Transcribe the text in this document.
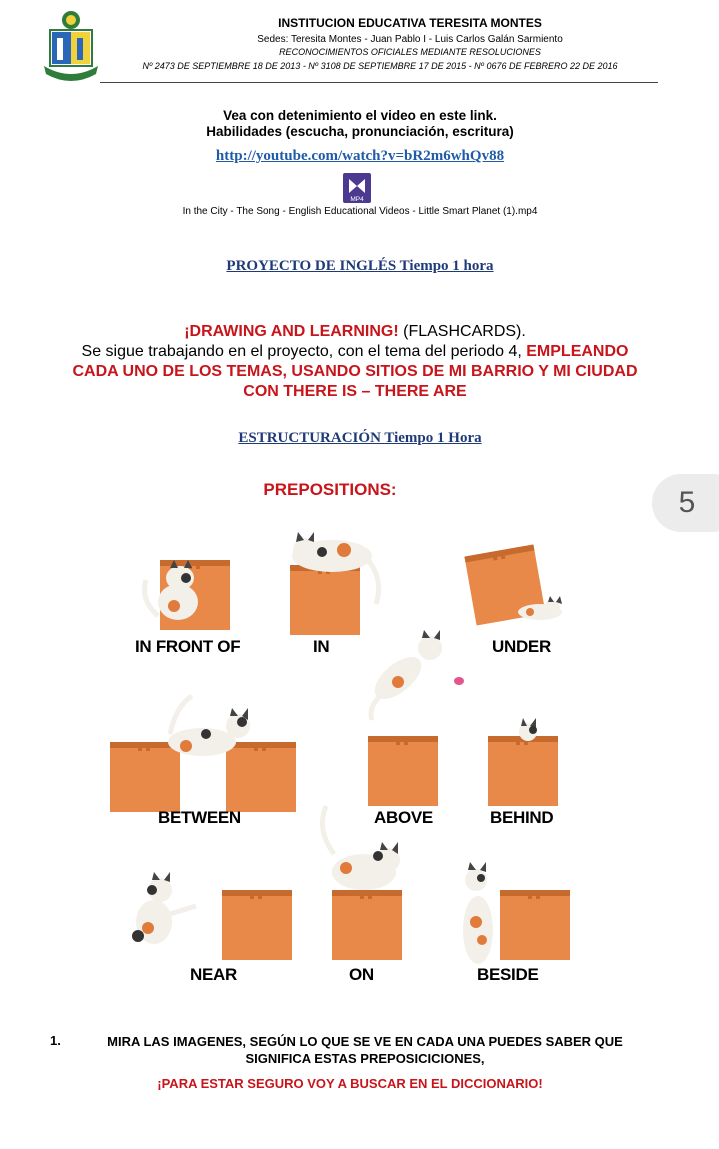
INSTITUCION EDUCATIVA TERESITA MONTES
Sedes: Teresita Montes - Juan Pablo I - Luis Carlos Galán Sarmiento
RECONOCIMIENTOS OFICIALES MEDIANTE RESOLUCIONES
Nº 2473 DE SEPTIEMBRE 18 DE 2013 - Nº 3108 DE SEPTIEMBRE 17 DE 2015 - Nº 0676 DE FEBRERO 22 DE 2016
Vea con detenimiento el video en este link.
Habilidades (escucha, pronunciación, escritura)
http://youtube.com/watch?v=bR2m6whQv88
MP4
In the City - The Song - English Educational Videos - Little Smart Planet (1).mp4
PROYECTO DE INGLÉS Tiempo 1 hora
¡DRAWING AND LEARNING! (FLASHCARDS).
Se sigue trabajando en el proyecto, con el tema del periodo 4, EMPLEANDO
CADA UNO DE LOS TEMAS, USANDO SITIOS DE MI BARRIO Y MI CIUDAD
CON THERE IS – THERE ARE
ESTRUCTURACIÓN Tiempo 1 Hora
PREPOSITIONS:	5
IN FRONT OF	IN	UNDER
BETWEEN	ABOVE	BEHIND
NEAR	ON	BESIDE
1.	MIRA LAS IMAGENES, SEGÚN LO QUE SE VE EN CADA UNA PUEDES SABER QUE
SIGNIFICA ESTAS PREPOSICICIONES,
¡PARA ESTAR SEGURO VOY A BUSCAR EN EL DICCIONARIO!
